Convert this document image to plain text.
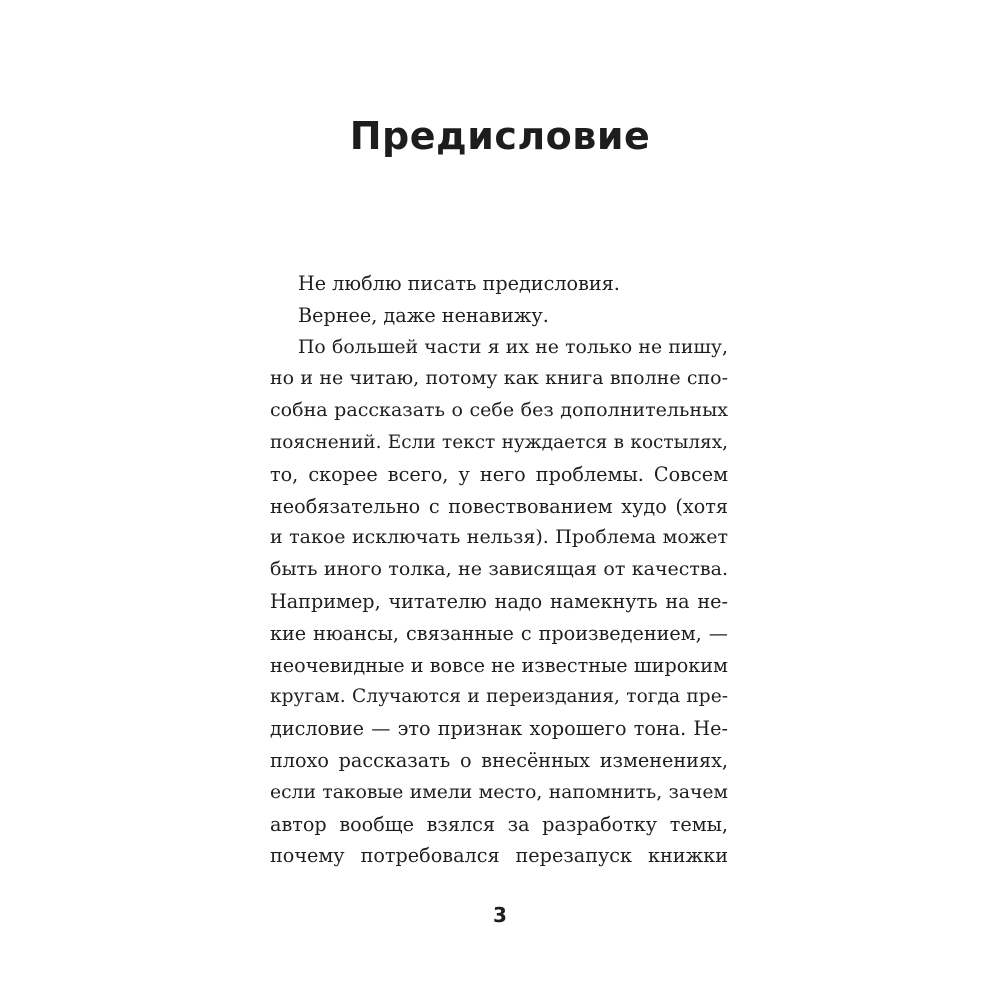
Предисловие
Не люблю писать предисловия.
Вернее, даже ненавижу.
По большей части я их не только не пишу,
но и не читаю, потому как книга вполне спо-
собна рассказать о себе без дополнительных
пояснений. Если текст нуждается в костылях,
то, скорее всего, у него проблемы. Совсем
необязательно с повествованием худо (хотя
и такое исключать нельзя). Проблема может
быть иного толка, не зависящая от качества.
Например, читателю надо намекнуть на не-
кие нюансы, связанные с произведением, —
неочевидные и вовсе не известные широким
кругам. Случаются и переиздания, тогда пре-
дисловие — это признак хорошего тона. Не-
плохо рассказать о внесённых изменениях,
если таковые имели место, напомнить, зачем
автор вообще взялся за разработку темы,
почему потребовался перезапуск книжки
3
